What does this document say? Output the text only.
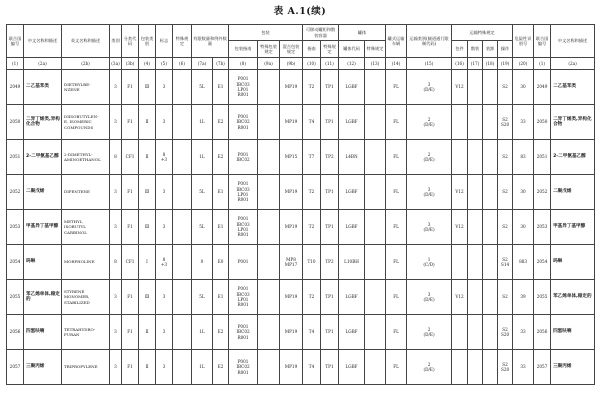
表 A.1(续)
联合国编号	中文名称和描述	英文名称和描述	类别	分类代码	包装类别	标志	特殊规定	有限数量和例外数量		包装			可移动罐柜和散装容器		罐体		罐式运输车辆	运输类别(隧道通行限制代码)	运输特殊规定				危险性识别号	联合国编号	中文名称和描述
										包装指南	特殊包装规定	混合包装规定	指南	特殊规定	罐体代码	特殊规定			包件	散装	装卸	操作			
(1)	(2a)	(2b)	(3a)	(3b)	(4)	(5)	(6)	(7a)	(7b)	(8)	(9a)	(9b)	(10)	(11)	(12)	(13)	(14)	(15)	(16)	(17)	(18)	(19)	(20)	(1)	(2a)
2049	二乙基苯类	DIETHYLBE-
NZENE	3	F1	Ⅲ	3		5L	E1	P001
IBC03
LP01
R001		MP19	T2	TP1	LGBF		FL	3
(D/E)	V12			S2	30	2049	二乙基苯类
2050	二异丁烯类,异构化合物	DIISOBUTYLEN-
E, ISOMERIC
COMPOUNDS	3	F1	Ⅱ	3		1L	E2	P001
IBC02
R001		MP19	T4	TP1	LGBF		FL	2
(D/E)				S2
S20	33	2050	二异丁烯类,异构化合物
2051	2-二甲氨基乙醇	2-DIMETHYL-
AMINOETHANOL	8	CF1	Ⅱ	8
+3		1L	E2	P001
IBC02		MP15	T7	TP2	L4BN		FL	2
(D/E)				S2	83	2051	2-二甲氨基乙醇
2052	二聚戊烯	DIPENTENE	3	F1	Ⅲ	3		5L	E1	P001
IBC03
LP01
R001		MP19	T2	TP1	LGBF		FL	3
(D/E)	V12			S2	30	2052	二聚戊烯
2053	甲基异丁基甲醇	METHYL
ISOBUTYL
CARBINOL	3	F1	Ⅲ	3		5L	E1	P001
IBC03
LP01
R001		MP19	T2	TP1	LGBF		FL	3
(D/E)	V12			S2	30	2053	甲基异丁基甲醇
2054	吗啉	MORPHOLINE	8	CF1	Ⅰ	8
+3		0	E0	P001		MP8
MP17	T10	TP2	L10BH		FL	1
(C/D)				S2
S14	883	2054	吗啉
2055	苯乙烯单体,稳定的	STYRENE
MONOMER,
STABILIZED	3	F1	Ⅲ	3		5L	E1	P001
IBC03
LP01
R001		MP19	T2	TP1	LGBF		FL	3
(D/E)	V12			S2	39	2055	苯乙烯单体,稳定的
2056	四氢呋喃	TETRAHYDRO-
FURAN	3	F1	Ⅱ	3		1L	E2	P001
IBC02
R001		MP19	T4	TP1	LGBF		FL	2
(D/E)				S2
S20	33	2056	四氢呋喃
2057	三聚丙烯	TRIPROPYLENE	3	F1	Ⅱ	3		1L	E2	P001
IBC02
R001		MP19	T4	TP1	LGBF		FL	2
(D/E)				S2
S20	33	2057	三聚丙烯
